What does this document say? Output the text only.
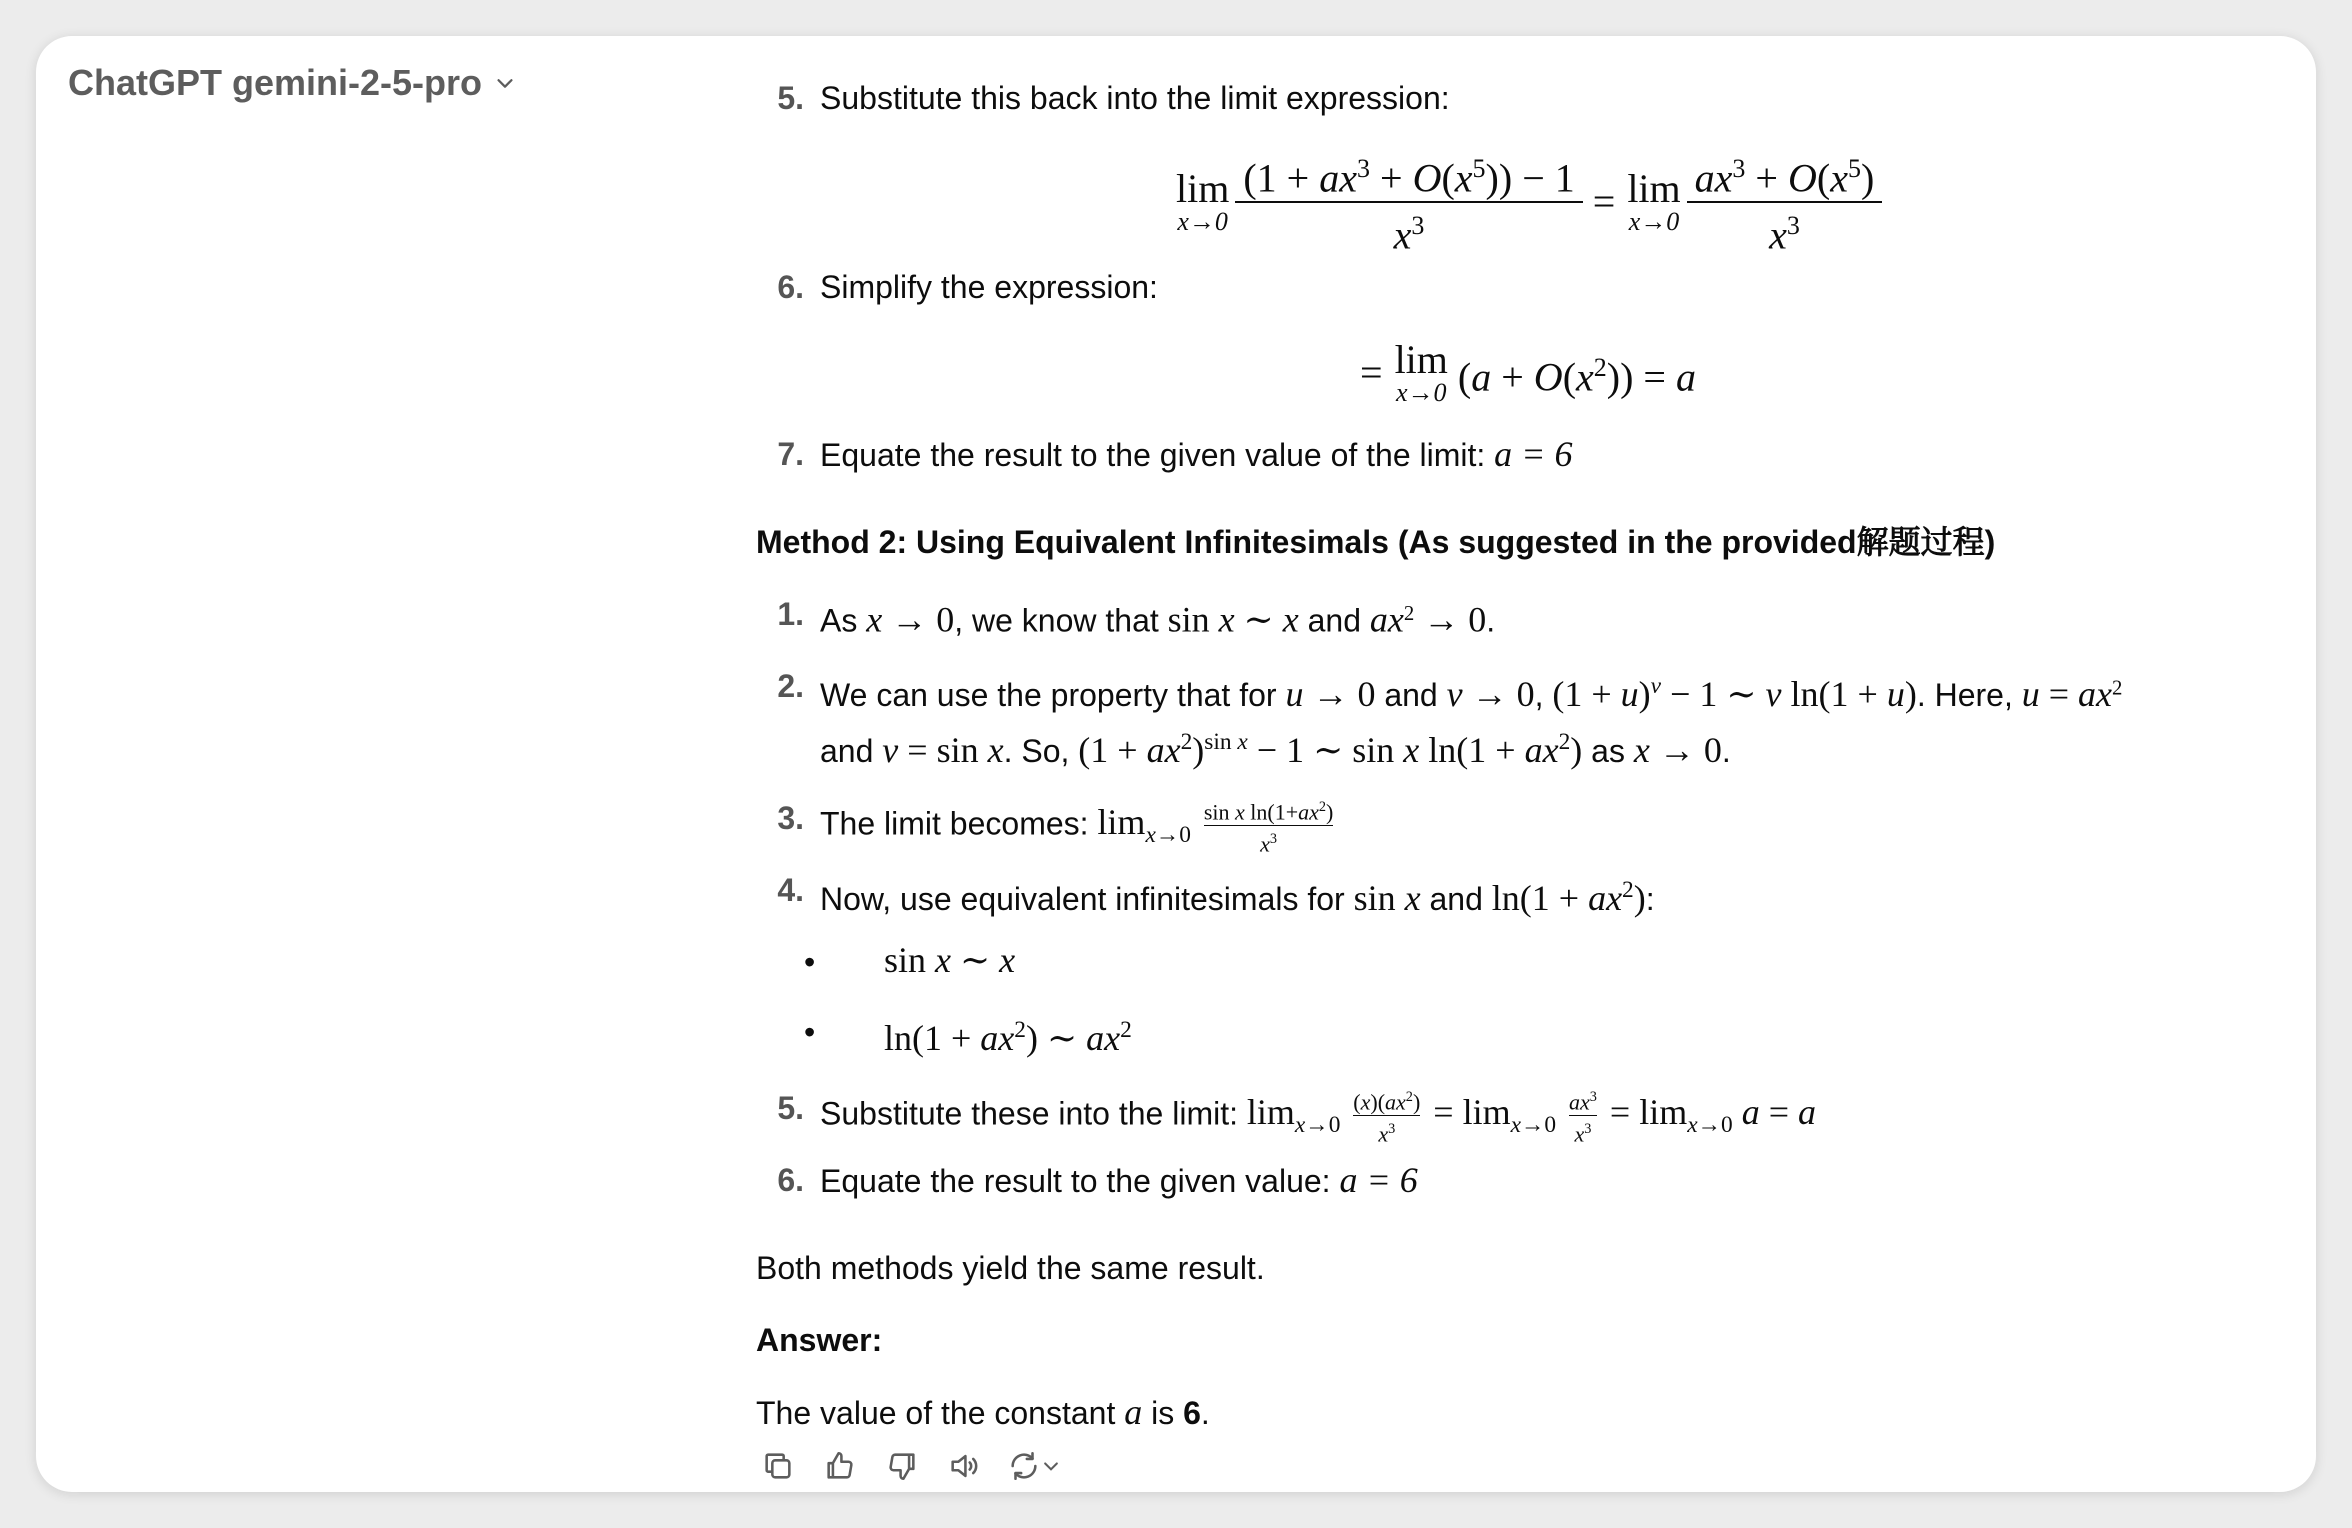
ChatGPT gemini-2-5-pro	5. Substitute this back into the limit expression:
lim
$x\to 0 \frac{(1 + ax^3 + O(x^5)) - 1}{x^3} = \lim$
$x\to 0 \frac{ax^3 + O(x^5)}{x^3}$
6. Simplify the expression:
= lim
x→0 $(a + O(x^2)) = a$
7. Equate the result to the given value of the limit: a = 6
Method 2: Using Equivalent Infinitesimals (As suggested in the provided解题过程)
1. As x → 0, we know that sin x ∼ x and $ax^2 \to 0$.
2. We can use the property that for u → 0 and v → 0, $(1 + u)^v - 1$ ∼ v ln(1 + u). Here, $u = ax^2$
and v = sin x. So, $(1 + ax^2)^{sin x} - 1$ ∼ sin x $\ln(1 + ax^2)$ as x → 0.
3. The limit becomes: $\lim_{x\to 0} \frac{\sin x \ln(1+ax^2)}{x^3}$
4. Now, use equivalent infinitesimals for sin x and $\ln(1 + ax^2)$:
• sin x ∼ x
• $\ln(1 + ax^2)$ ∼ $ax^2$
5. Substitute these into the limit: $\lim_{x\to 0} \frac{(x)(ax^2)}{x^3} = \lim_{x\to 0} \frac{ax^3}{x^3} = \lim_{x\to 0} a = a$
6. Equate the result to the given value: a = 6
Both methods yield the same result.
Answer:
The value of the constant a is 6.
